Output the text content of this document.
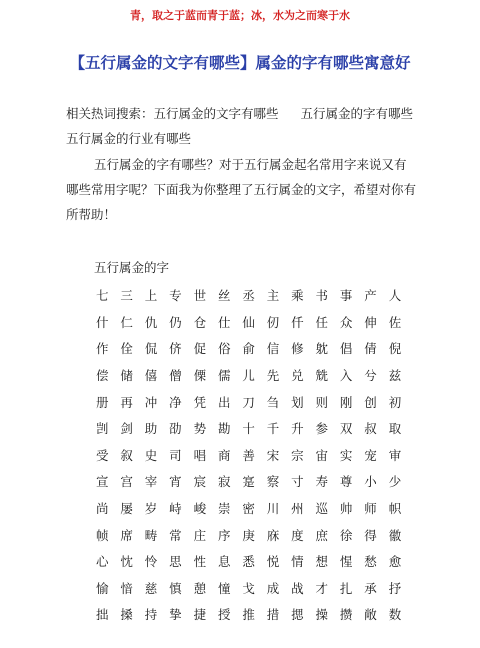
青，取之于蓝而青于蓝；冰，水为之而寒于水
【五行属金的文字有哪些】属金的字有哪些寓意好
相关热词搜索：五行属金的文字有哪些 五行属金的字有哪些
五行属金的行业有哪些
五行属金的字有哪些？对于五行属金起名常用字来说又有哪些常用字呢？下面我为你整理了五行属金的文字，希望对你有所帮助！
五行属金的字
七 三 上 专 世 丝 丞 主 乘 书 事 产 人
什 仁 仇 仍 仓 仕 仙 仞 仟 任 众 伸 佐
作 佺 侃 侪 促 俗 俞 信 修 躭 倡 倩 倪
偿 储 僖 僧 傈 儒 儿 先 兑 兟 入 兮 兹
册 再 冲 净 凭 出 刀 刍 划 则 刚 创 初
剀 剑 助 劭 势 勘 十 千 升 参 双 叔 取
受 叙 史 司 唱 商 善 宋 宗 宙 实 宠 审
宣 宫 宰 宵 宸 寂 寔 察 寸 寿 尊 小 少
尚 屡 岁 峙 峻 崇 密 川 州 巡 帅 师 帜
帧 席 畴 常 庄 序 庚 庥 度 庶 徐 得 徽
心 忱 怜 思 性 息 悉 悦 情 想 惺 愁 愈
愉 愔 慈 慎 憩 憧 戈 成 战 才 扎 承 抒
拙 搡 持 挚 捷 授 推 措 揌 操 攒 敞 数
